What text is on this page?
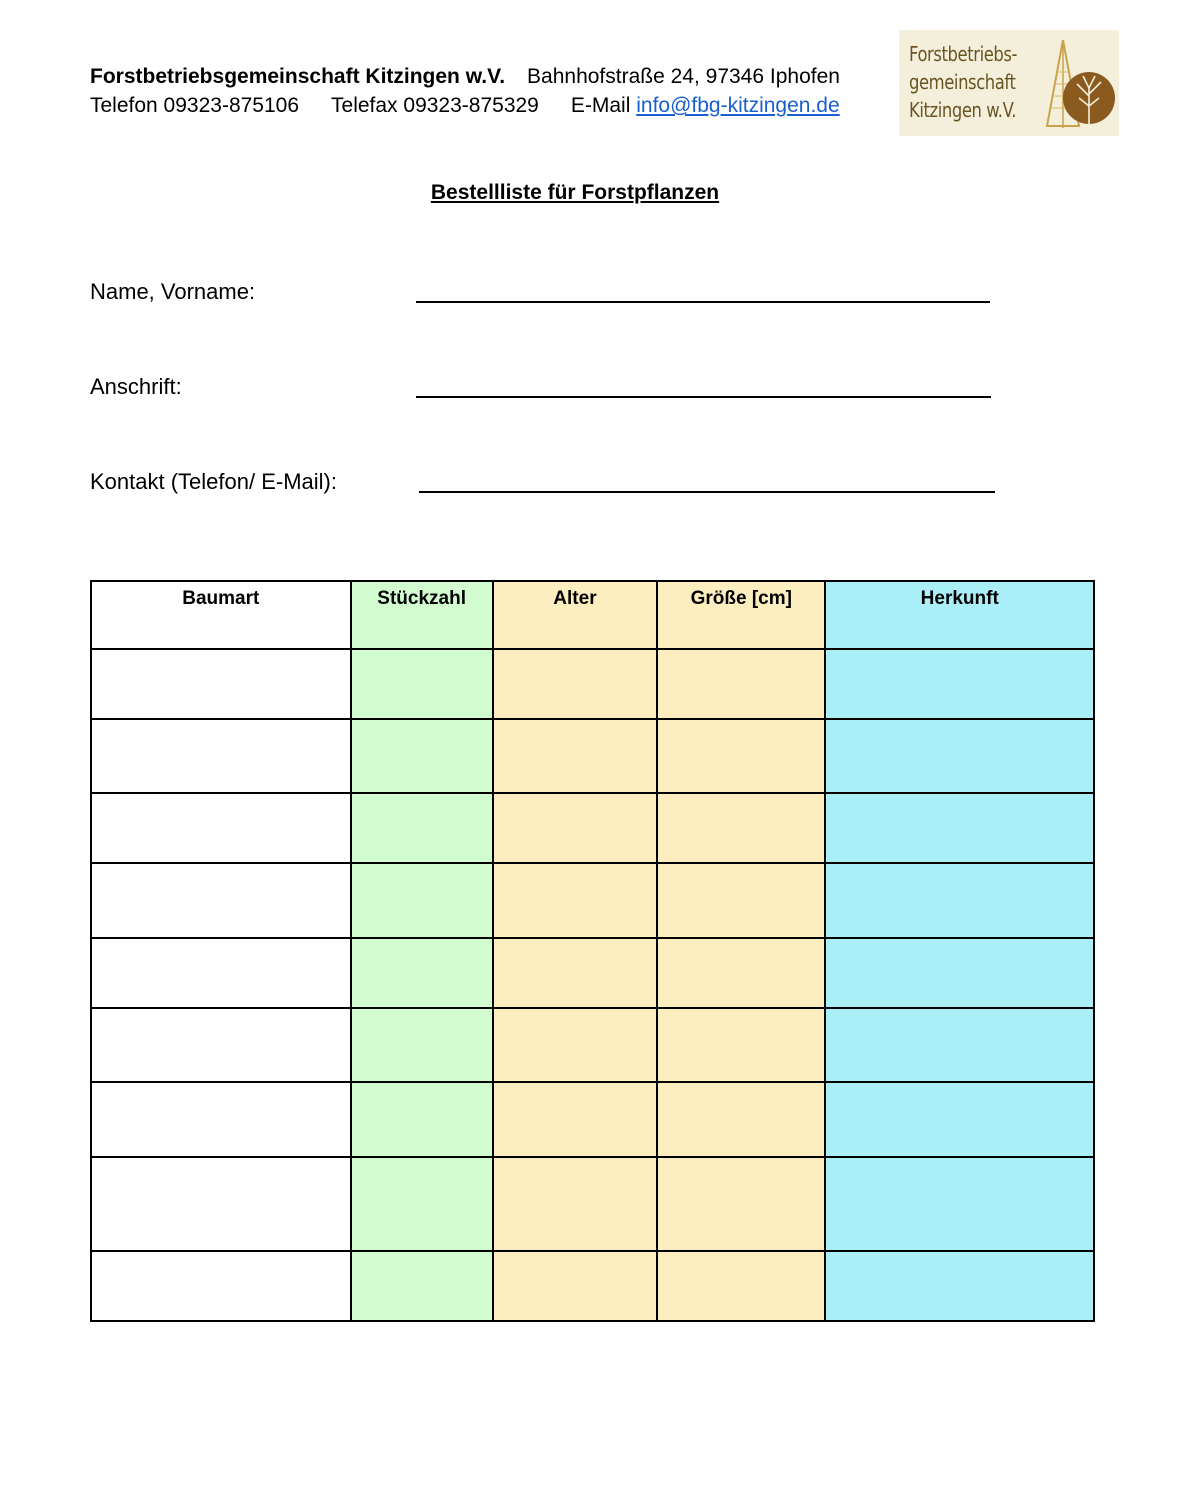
Forstbetriebsgemeinschaft Kitzingen w.V. Bahnhofstraße 24, 97346 Iphofen
Telefon 09323-875106 Telefax 09323-875329 E-Mail info@fbg-kitzingen.de
Forstbetriebs-
gemeinschaft
Kitzingen w.V.
Bestellliste für Forstpflanzen
Name, Vorname:
Anschrift:
Kontakt (Telefon/ E-Mail):
Baumart	Stückzahl	Alter	Größe [cm]	Herkunft
